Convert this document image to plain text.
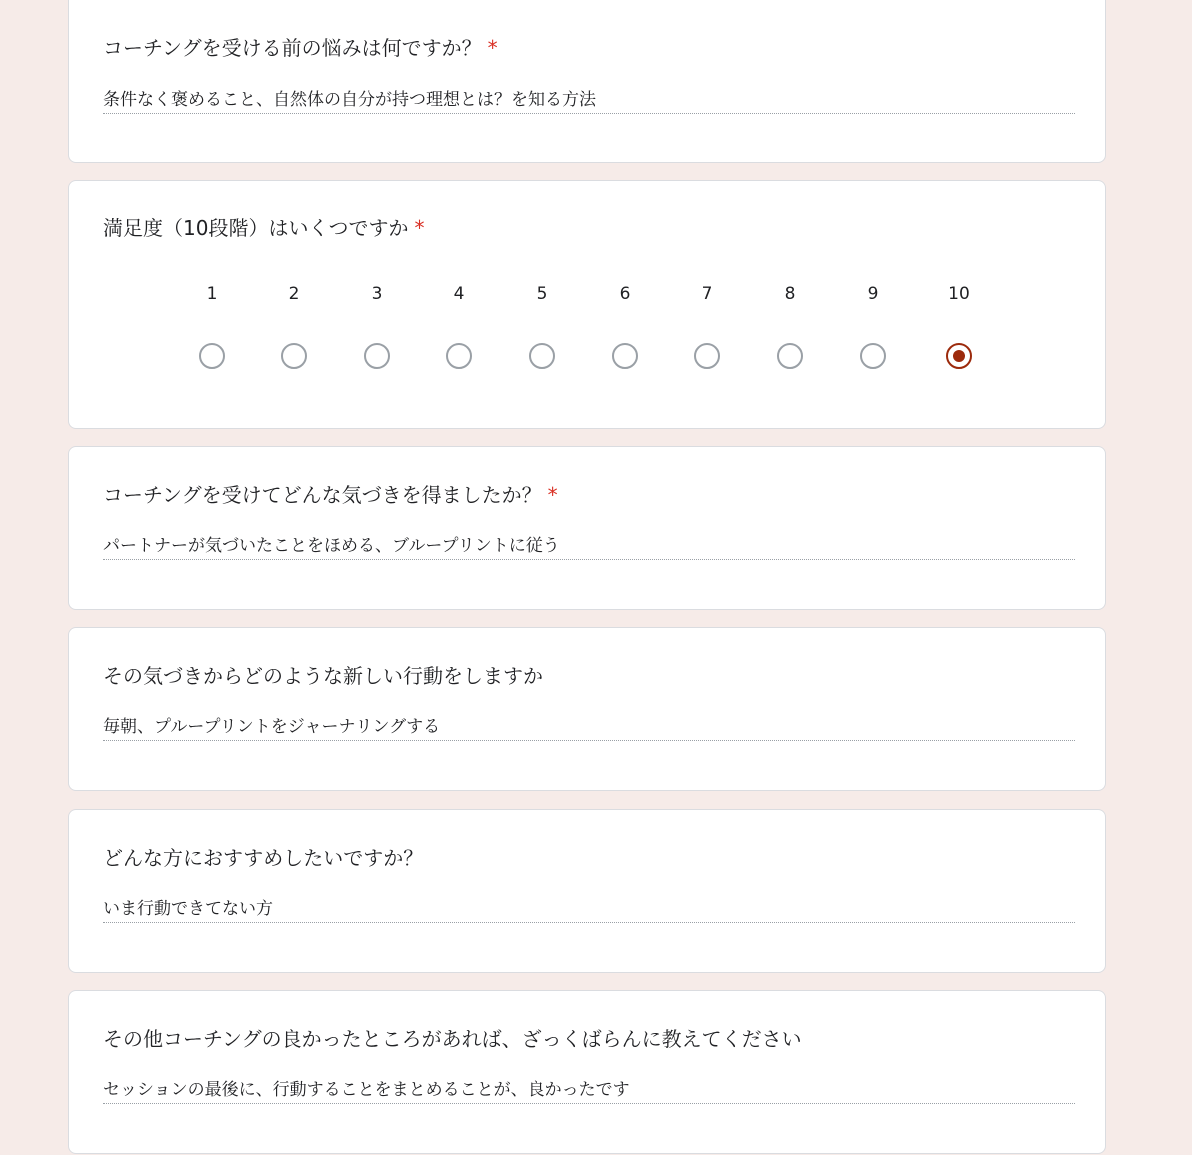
コーチングを受ける前の悩みは何ですか？ *
条件なく褒めること、自然体の自分が持つ理想とは？を知る方法
満足度（10段階）はいくつですか *
1	2	3	4	5	6	7	8	9	10
コーチングを受けてどんな気づきを得ましたか？ *
パートナーが気づいたことをほめる、ブループリントに従う
その気づきからどのような新しい行動をしますか
毎朝、プループリントをジャーナリングする
どんな方におすすめしたいですか？
いま行動できてない方
その他コーチングの良かったところがあれば、ざっくばらんに教えてください
セッションの最後に、行動することをまとめることが、良かったです
